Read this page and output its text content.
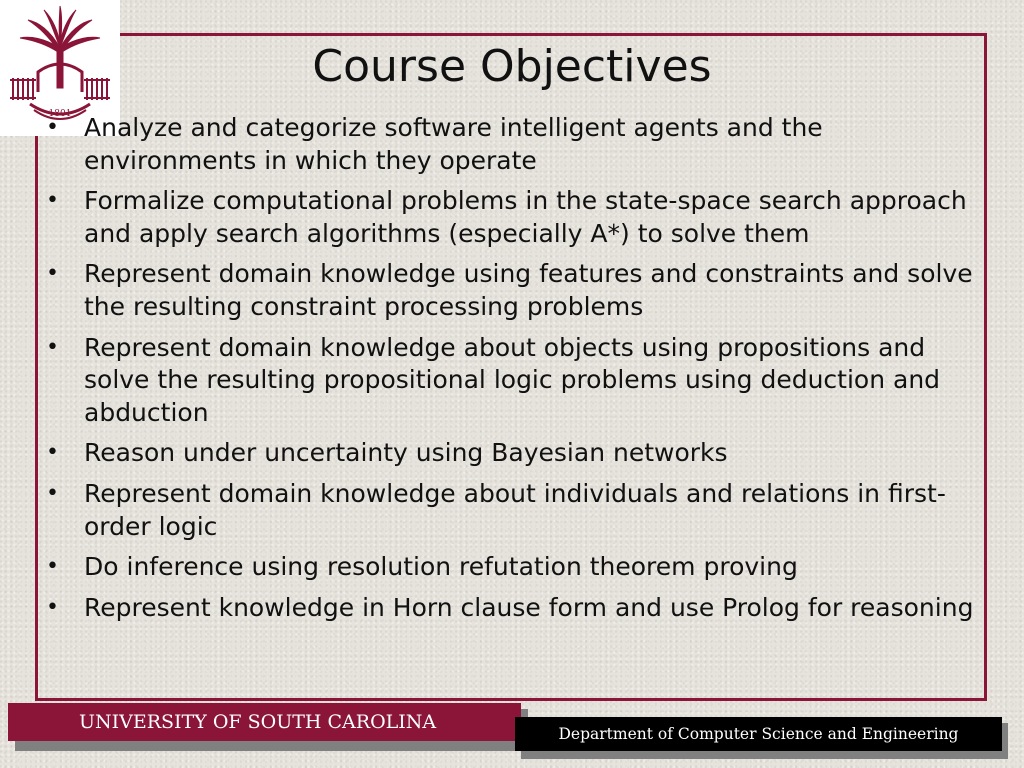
1801
Course Objectives
• Analyze and categorize software intelligent agents and the environments in which they operate
• Formalize computational problems in the state-space search approach and apply search algorithms (especially A*) to solve them
• Represent domain knowledge using features and constraints and solve the resulting constraint processing problems
• Represent domain knowledge about objects using propositions and solve the resulting propositional logic problems using deduction and abduction
• Reason under uncertainty using Bayesian networks
• Represent domain knowledge about individuals and relations in first-order logic
• Do inference using resolution refutation theorem proving
• Represent knowledge in Horn clause form and use Prolog for reasoning
UNIVERSITY OF SOUTH CAROLINA
Department of Computer Science and Engineering
